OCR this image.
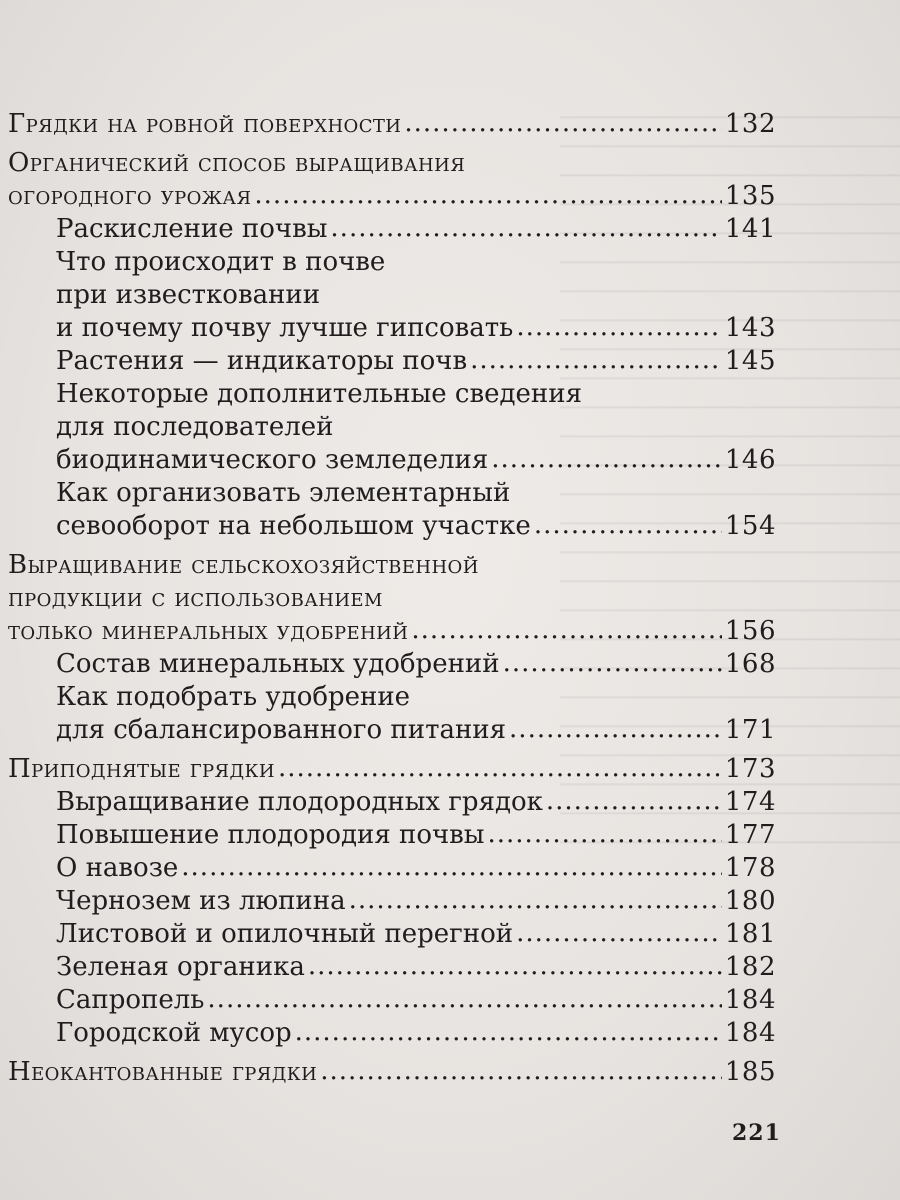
Грядки на ровной поверхности .....	132
Органический способ выращивания
огородного урожая .....	135
Раскисление почвы .....	141
Что происходит в почве
при известковании
и почему почву лучше гипсовать .....	143
Растения — индикаторы почв .....	145
Некоторые дополнительные сведения
для последователей
биодинамического земледелия .....	146
Как организовать элементарный
севооборот на небольшом участке .....	154
Выращивание сельскохозяйственной
продукции с использованием
только минеральных удобрений .....	156
Состав минеральных удобрений .....	168
Как подобрать удобрение
для сбалансированного питания .....	171
Приподнятые грядки .....	173
Выращивание плодородных грядок .....	174
Повышение плодородия почвы .....	177
О навозе .....	178
Чернозем из люпина .....	180
Листовой и опилочный перегной .....	181
Зеленая органика .....	182
Сапропель .....	184
Городской мусор .....	184
Неокантованные грядки .....	185
221
